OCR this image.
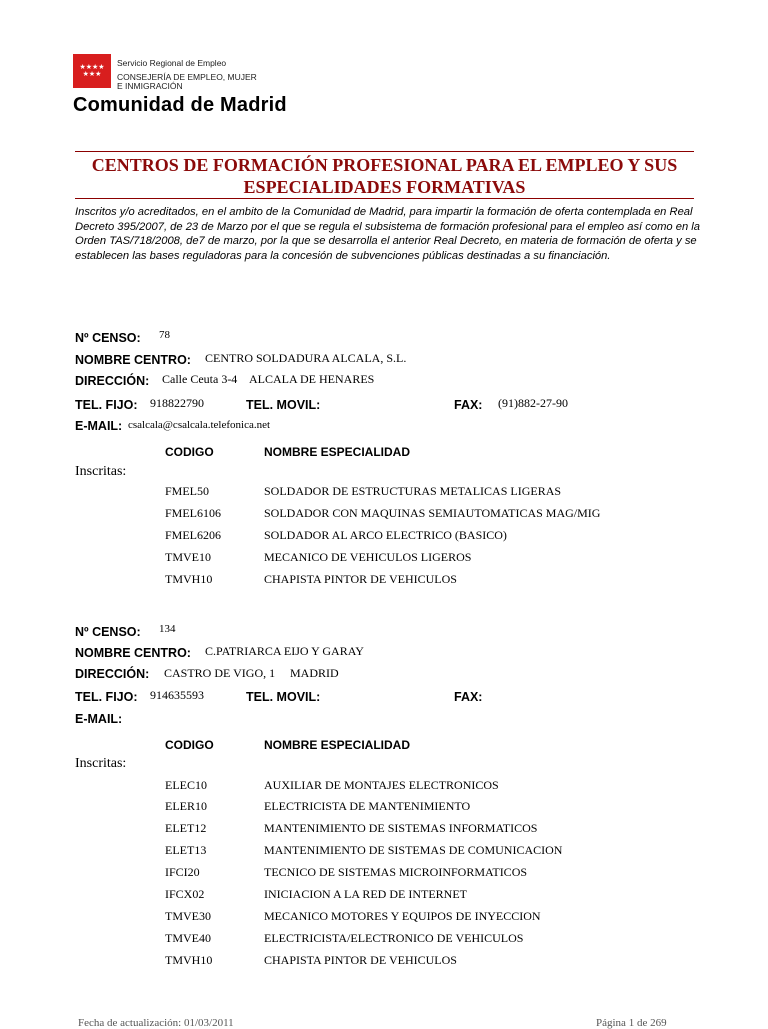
★★★★
★★★
Servicio Regional de Empleo
CONSEJERÍA DE EMPLEO, MUJER
E INMIGRACIÓN
Comunidad de Madrid
CENTROS DE FORMACIÓN PROFESIONAL PARA EL EMPLEO Y SUS
ESPECIALIDADES FORMATIVAS
Inscritos y/o acreditados, en el ambito de la Comunidad de Madrid, para impartir la formación de oferta contemplada en Real Decreto 395/2007, de 23 de Marzo por el que se regula el subsistema de formación profesional para el empleo así como en la Orden TAS/718/2008, de7 de marzo, por la que se desarrolla el anterior Real Decreto, en materia de formación de oferta y se establecen las bases reguladoras para la concesión de subvenciones públicas destinadas a su financiación.
Nº CENSO: 78
NOMBRE CENTRO: CENTRO SOLDADURA ALCALA, S.L.
DIRECCIÓN: Calle Ceuta 3-4 ALCALA DE HENARES
TEL. FIJO: 918822790	TEL. MOVIL:	FAX: (91)882-27-90
E-MAIL: csalcala@csalcala.telefonica.net
CODIGO	NOMBRE ESPECIALIDAD
Inscritas:
FMEL50	SOLDADOR DE ESTRUCTURAS METALICAS LIGERAS
FMEL6106	SOLDADOR CON MAQUINAS SEMIAUTOMATICAS MAG/MIG
FMEL6206	SOLDADOR AL ARCO ELECTRICO (BASICO)
TMVE10	MECANICO DE VEHICULOS LIGEROS
TMVH10	CHAPISTA PINTOR DE VEHICULOS
Nº CENSO: 134
NOMBRE CENTRO: C.PATRIARCA EIJO Y GARAY
DIRECCIÓN: CASTRO DE VIGO, 1 MADRID
TEL. FIJO: 914635593	TEL. MOVIL:	FAX:
E-MAIL:
CODIGO	NOMBRE ESPECIALIDAD
Inscritas:
ELEC10	AUXILIAR DE MONTAJES ELECTRONICOS
ELER10	ELECTRICISTA DE MANTENIMIENTO
ELET12	MANTENIMIENTO DE SISTEMAS INFORMATICOS
ELET13	MANTENIMIENTO DE SISTEMAS DE COMUNICACION
IFCI20	TECNICO DE SISTEMAS MICROINFORMATICOS
IFCX02	INICIACION A LA RED DE INTERNET
TMVE30	MECANICO MOTORES Y EQUIPOS DE INYECCION
TMVE40	ELECTRICISTA/ELECTRONICO DE VEHICULOS
TMVH10	CHAPISTA PINTOR DE VEHICULOS
Fecha de actualización: 01/03/2011	Página 1 de 269
